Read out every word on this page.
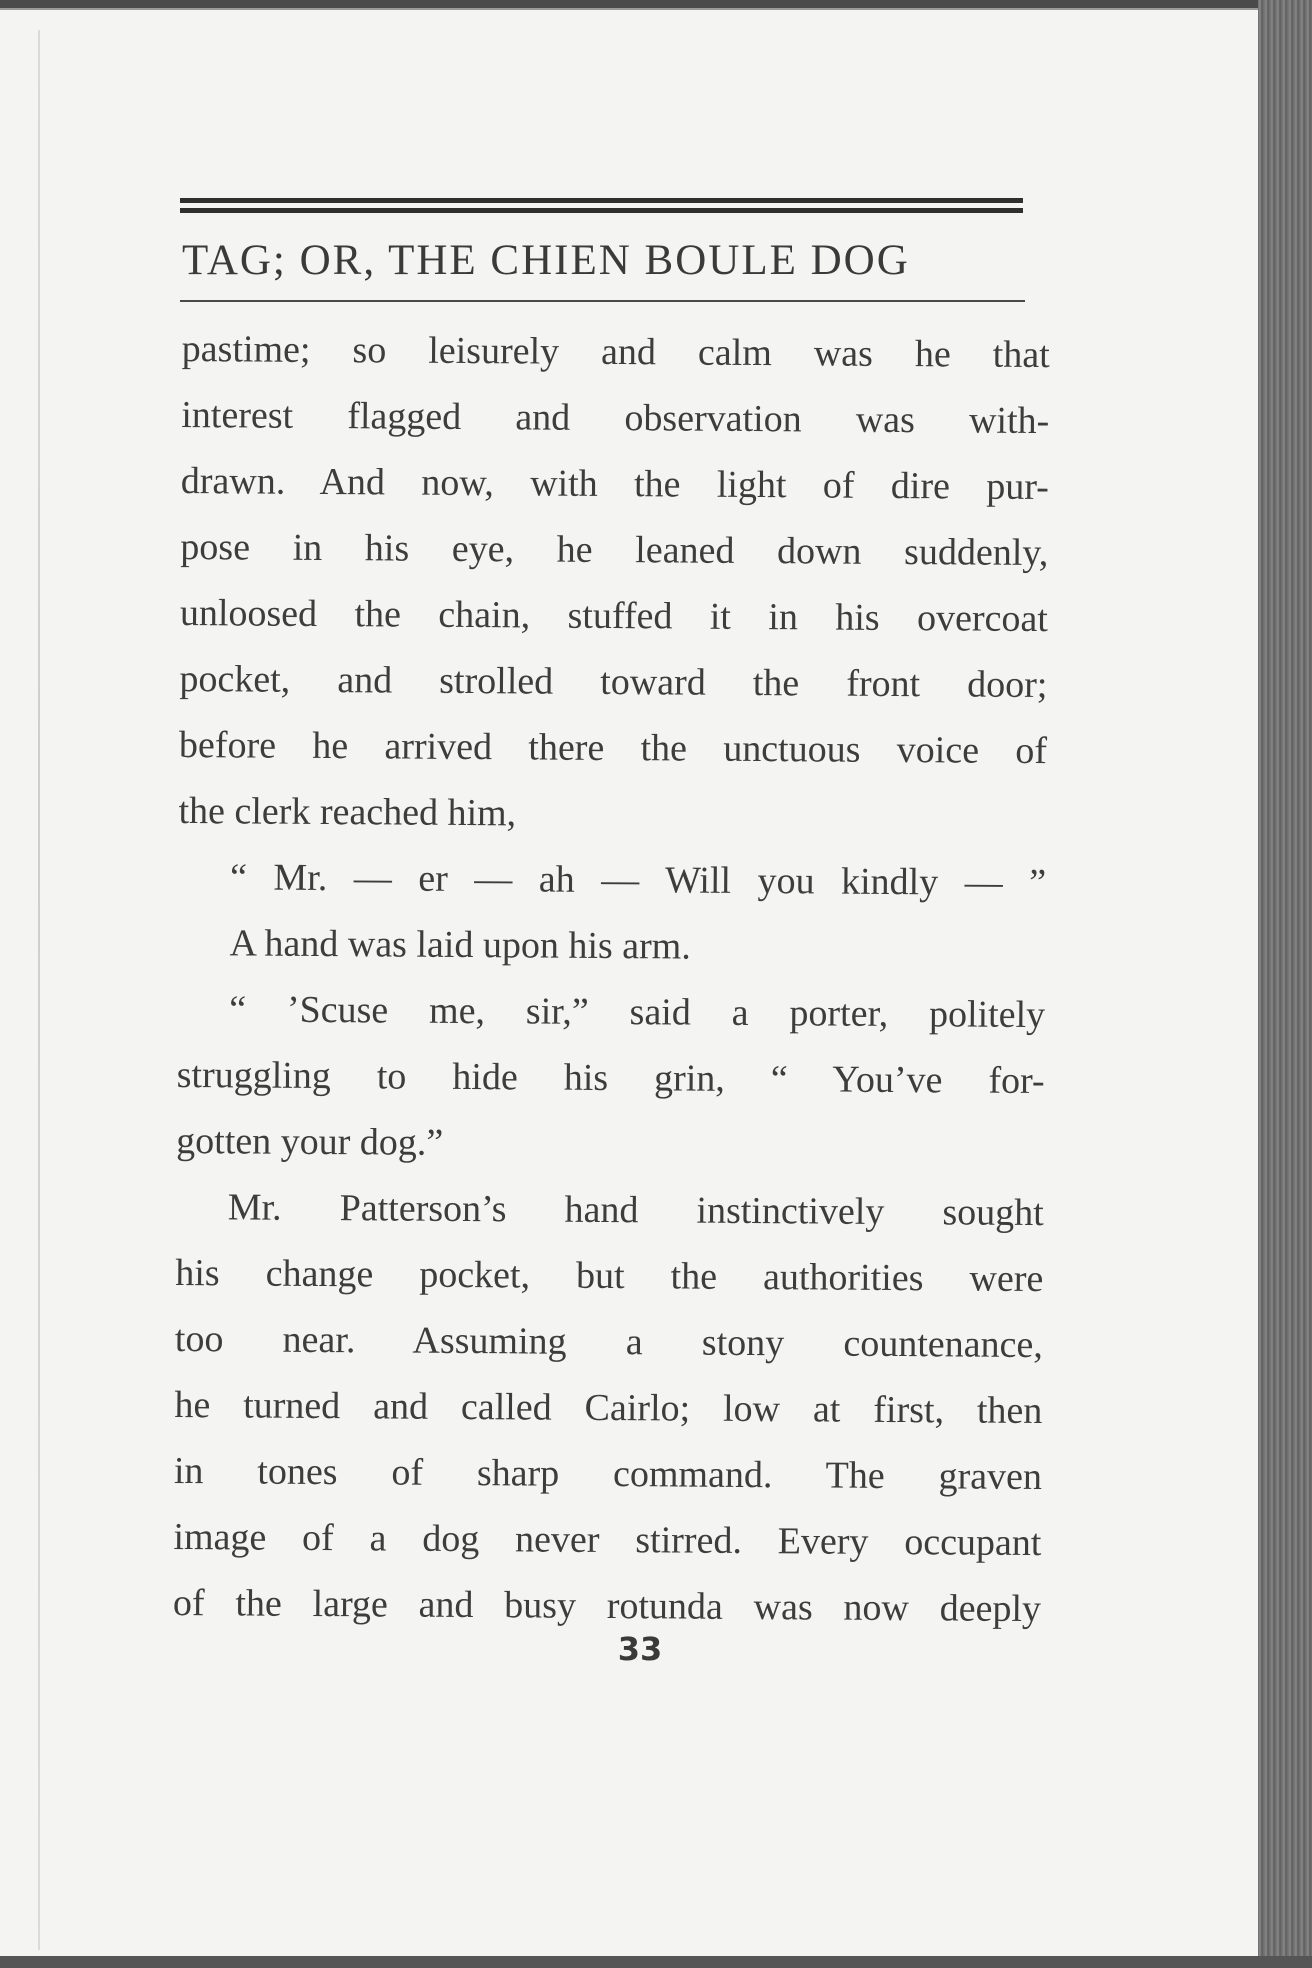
TAG; OR, THE CHIEN BOULE DOG
pastime; so leisurely and calm was he that
interest flagged and observation was with-
drawn. And now, with the light of dire pur-
pose in his eye, he leaned down suddenly,
unloosed the chain, stuffed it in his overcoat
pocket, and strolled toward the front door;
before he arrived there the unctuous voice of
the clerk reached him,
“ Mr. — er — ah — Will you kindly — ”
A hand was laid upon his arm.
“ ’Scuse me, sir,” said a porter, politely
struggling to hide his grin, “ You’ve for-
gotten your dog.”
Mr. Patterson’s hand instinctively sought
his change pocket, but the authorities were
too near. Assuming a stony countenance,
he turned and called Cairlo; low at first, then
in tones of sharp command. The graven
image of a dog never stirred. Every occupant
of the large and busy rotunda was now deeply
33
